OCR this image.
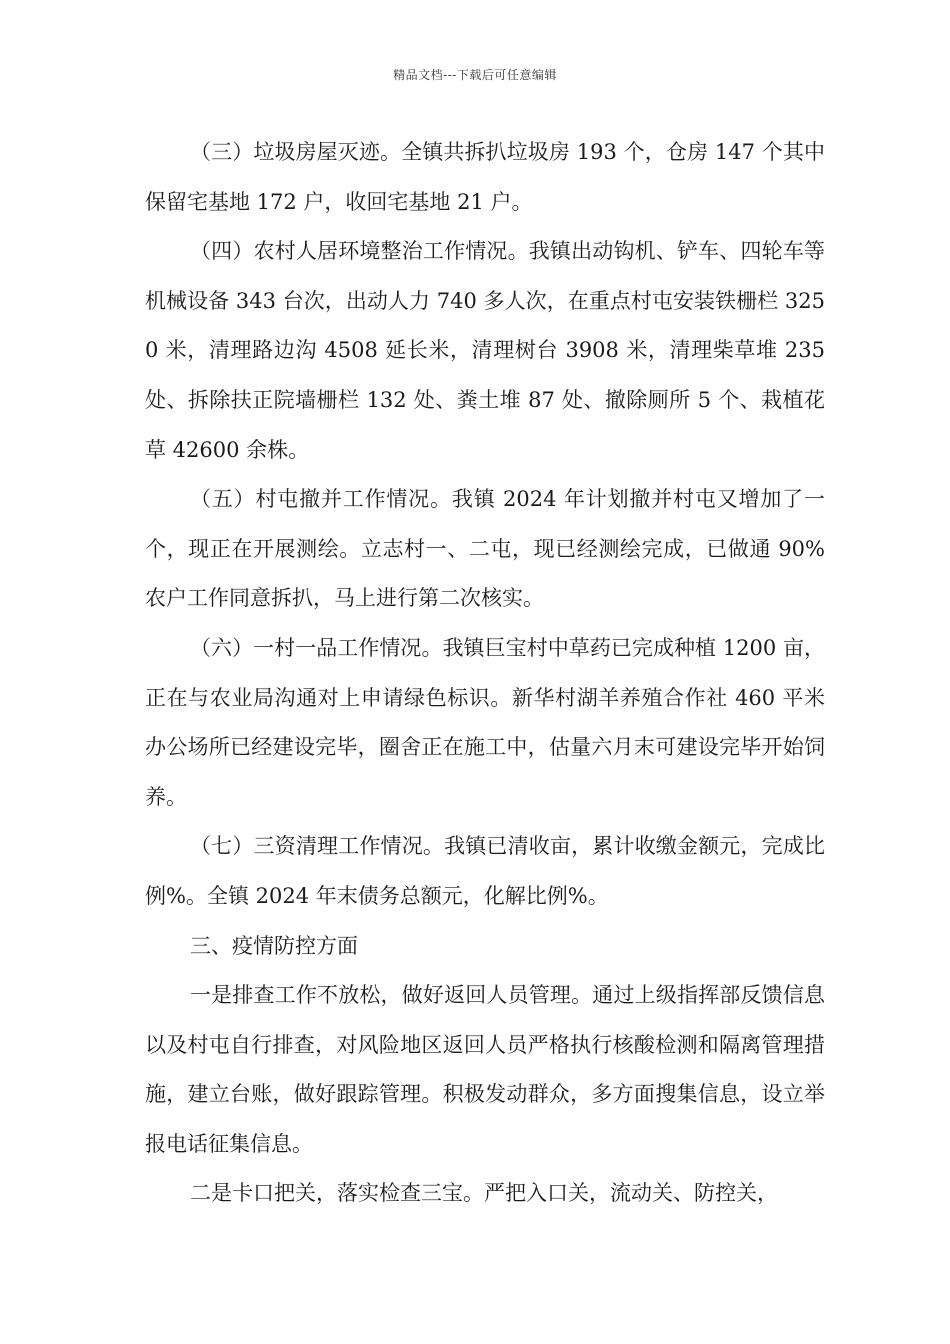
精品文档---下载后可任意编辑

（三）垃圾房屋灭迹。全镇共拆扒垃圾房 193 个，仓房 147 个其中保留宅基地 172 户，收回宅基地 21 户。

（四）农村人居环境整治工作情况。我镇出动钩机、铲车、四轮车等机械设备 343 台次，出动人力 740 多人次，在重点村屯安装铁栅栏 3250 米，清理路边沟 4508 延长米，清理树台 3908 米，清理柴草堆 235 处、拆除扶正院墙栅栏 132 处、粪土堆 87 处、撤除厕所 5 个、栽植花草 42600 余株。

（五）村屯撤并工作情况。我镇 2024 年计划撤并村屯又增加了一个，现正在开展测绘。立志村一、二屯，现已经测绘完成，已做通 90%农户工作同意拆扒，马上进行第二次核实。

（六）一村一品工作情况。我镇巨宝村中草药已完成种植 1200 亩，正在与农业局沟通对上申请绿色标识。新华村湖羊养殖合作社 460 平米办公场所已经建设完毕，圈舍正在施工中，估量六月末可建设完毕开始饲养。

（七）三资清理工作情况。我镇已清收亩，累计收缴金额元，完成比例%。全镇 2024 年末债务总额元，化解比例%。

三、疫情防控方面

一是排查工作不放松，做好返回人员管理。通过上级指挥部反馈信息以及村屯自行排查，对风险地区返回人员严格执行核酸检测和隔离管理措施，建立台账，做好跟踪管理。积极发动群众，多方面搜集信息，设立举报电话征集信息。

二是卡口把关，落实检查三宝。严把入口关，流动关、防控关，
